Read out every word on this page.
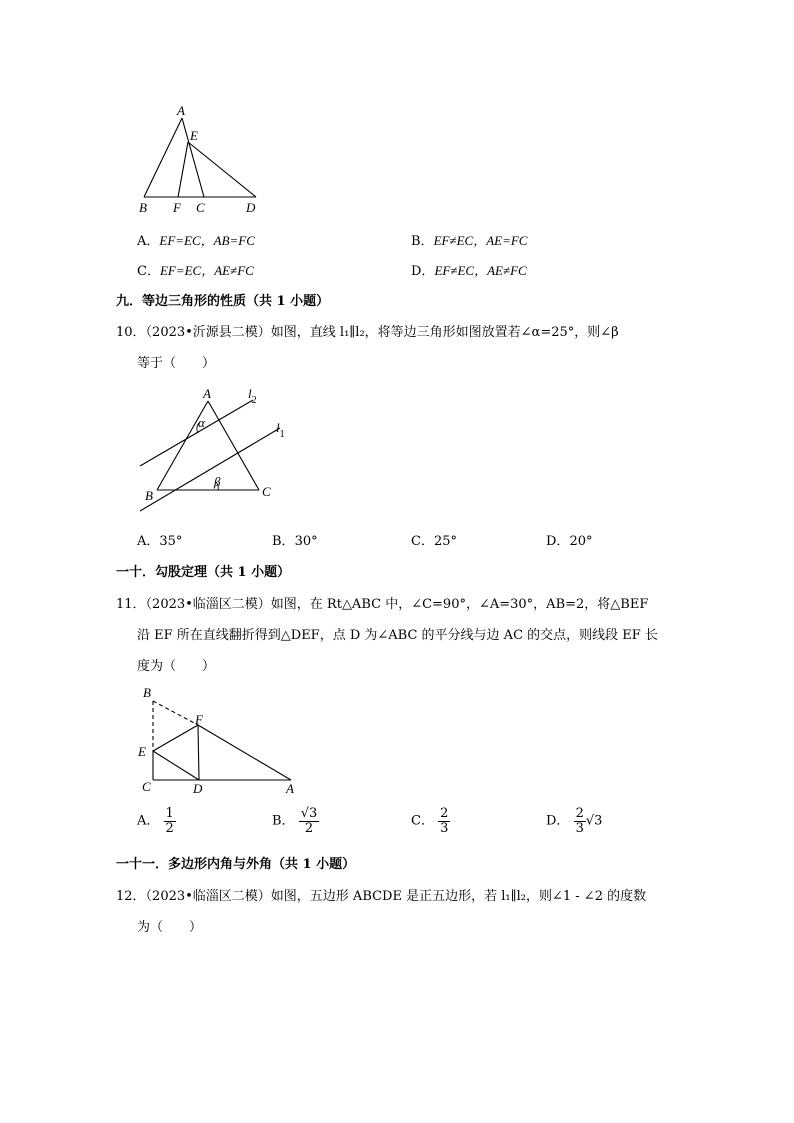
A
E
B F C	D
A．EF=EC，AB=FC	B．EF≠EC，AE=FC
C．EF=EC，AE≠FC	D．EF≠EC，AE≠FC
九．等边三角形的性质（共 1 小题）
10．（2023•沂源县二模）如图，直线 l₁∥l₂，将等边三角形如图放置若∠α=25°，则∠β
等于（　　）
A	$l_2$
$l_1$
α
β
B	C
A．35°	B．30°	C．25°	D．20°
一十．勾股定理（共 1 小题）
11．（2023•临淄区二模）如图，在 Rt△ABC 中，∠C=90°，∠A=30°，AB=2，将△BEF
沿 EF 所在直线翻折得到△DEF，点 D 为∠ABC 的平分线与边 AC 的交点，则线段 EF 长
度为（　　）
B
F
E
C	D	A
A． $\frac{1}{2}$	B． $\frac{√3}{2}$	C． $\frac{2}{3}$	D． $\frac{2}{3} √3$
一十一．多边形内角与外角（共 1 小题）
12．（2023•临淄区二模）如图，五边形 ABCDE 是正五边形，若 l₁∥l₂，则∠1 - ∠2 的度数
为（　　）
